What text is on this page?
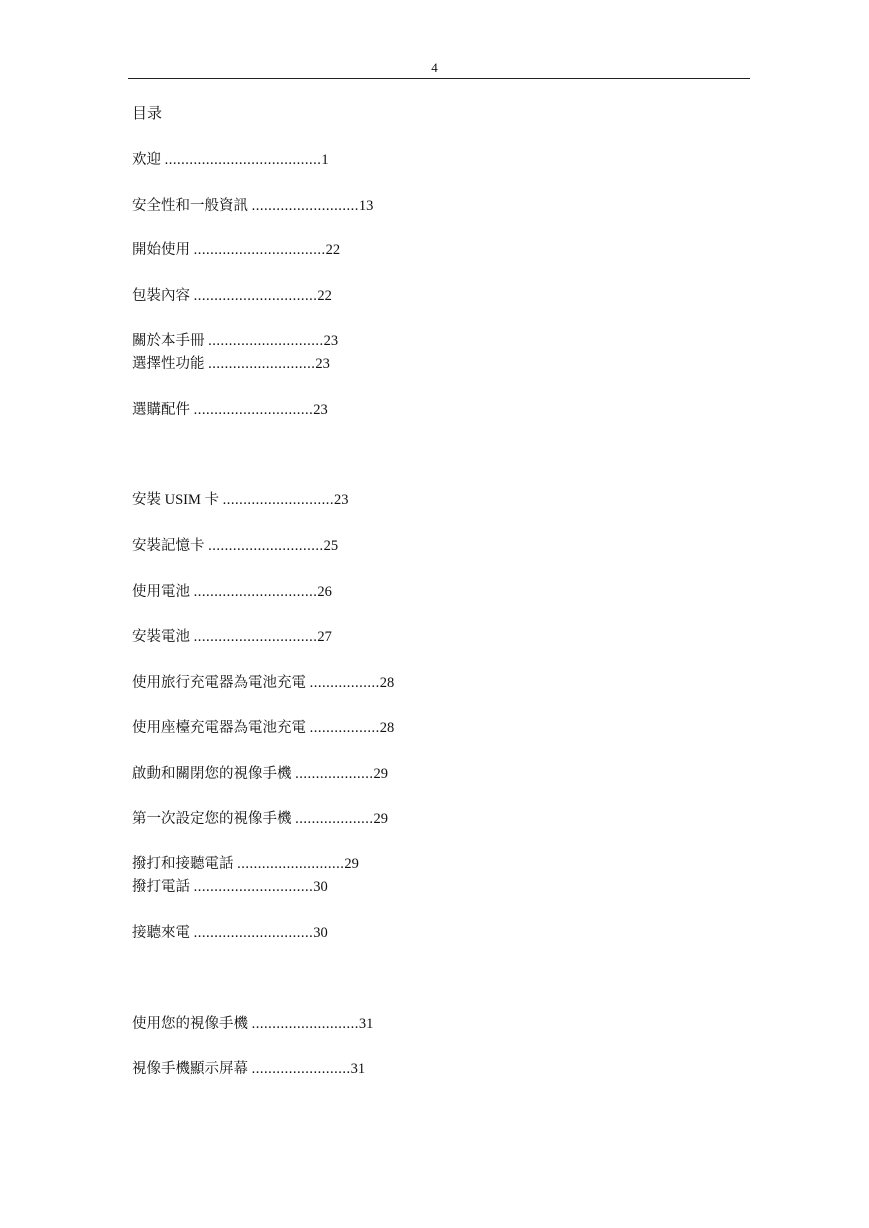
4
目录
欢迎 ......................................1
安全性和一般資訊 ..........................13
開始使用 ................................22
包裝內容 ..............................22
關於本手冊 ............................23
選擇性功能 ..........................23
選購配件 .............................23
安裝 USIM 卡 ...........................23
安裝記憶卡 ............................25
使用電池 ..............................26
安裝電池 ..............................27
使用旅行充電器為電池充電 .................28
使用座檯充電器為電池充電 .................28
啟動和關閉您的視像手機 ...................29
第一次設定您的視像手機 ...................29
撥打和接聽電話 ..........................29
撥打電話 .............................30
接聽來電 .............................30
使用您的視像手機 ..........................31
視像手機顯示屏幕 ........................31
